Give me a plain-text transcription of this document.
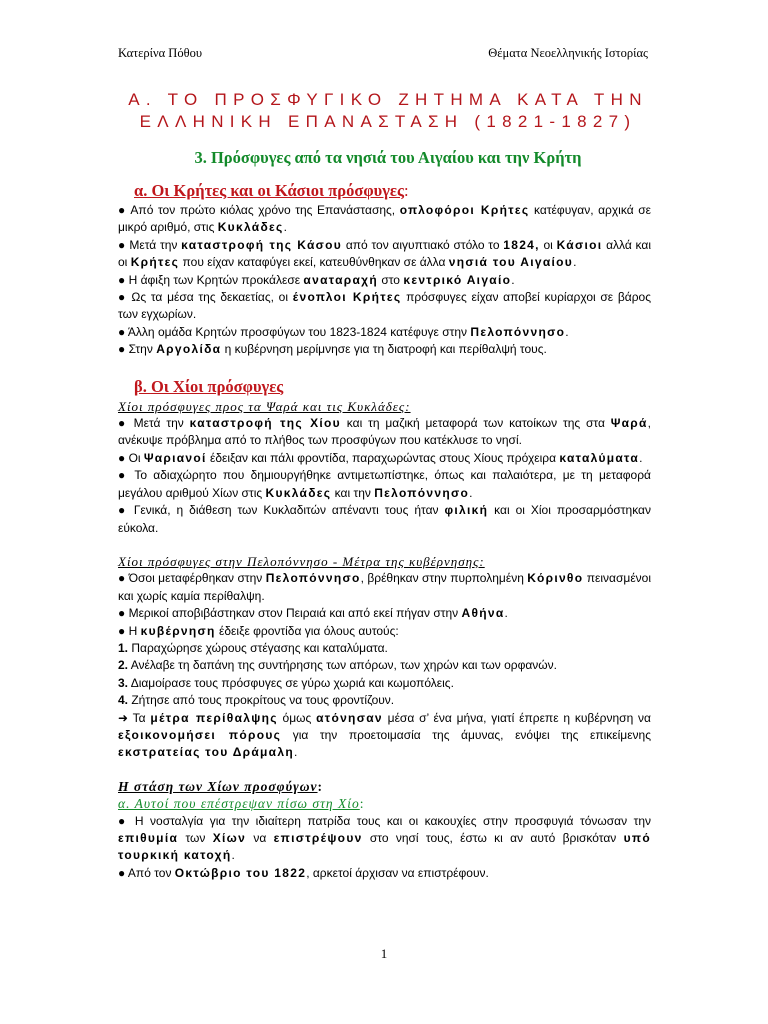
Κατερίνα Πόθου	Θέματα Νεοελληνικής Ιστορίας
Α. ΤΟ ΠΡΟΣΦΥΓΙΚΟ ΖΗΤΗΜΑ ΚΑΤΑ ΤΗΝ
ΕΛΛΗΝΙΚΗ ΕΠΑΝΑΣΤΑΣΗ (1821-1827)
3. Πρόσφυγες από τα νησιά του Αιγαίου και την Κρήτη
α. Οι Κρήτες και οι Κάσιοι πρόσφυγες:

● Από τον πρώτο κιόλας χρόνο της Επανάστασης, οπλοφόροι Κρήτες κατέφυγαν, αρχικά σε μικρό αριθμό, στις Κυκλάδες.

● Μετά την καταστροφή της Κάσου από τον αιγυπτιακό στόλο το 1824, οι Κάσιοι αλλά και οι Κρήτες που είχαν καταφύγει εκεί, κατευθύνθηκαν σε άλλα νησιά του Αιγαίου.

● Η άφιξη των Κρητών προκάλεσε αναταραχή στο κεντρικό Αιγαίο.

● Ως τα μέσα της δεκαετίας, οι ένοπλοι Κρήτες πρόσφυγες είχαν αποβεί κυρίαρχοι σε βάρος των εγχωρίων.

● Άλλη ομάδα Κρητών προσφύγων του 1823-1824 κατέφυγε στην Πελοπόννησο.

● Στην Αργολίδα η κυβέρνηση μερίμνησε για τη διατροφή και περίθαλψή τους.

β. Οι Χίοι πρόσφυγες

Χίοι πρόσφυγες προς τα Ψαρά και τις Κυκλάδες:

● Μετά την καταστροφή της Χίου και τη μαζική μεταφορά των κατοίκων της στα Ψαρά, ανέκυψε πρόβλημα από το πλήθος των προσφύγων που κατέκλυσε το νησί.

● Οι Ψαριανοί έδειξαν και πάλι φροντίδα, παραχωρώντας στους Χίους πρόχειρα καταλύματα.

● Το αδιαχώρητο που δημιουργήθηκε αντιμετωπίστηκε, όπως και παλαιότερα, με τη μεταφορά μεγάλου αριθμού Χίων στις Κυκλάδες και την Πελοπόννησο.

● Γενικά, η διάθεση των Κυκλαδιτών απέναντι τους ήταν φιλική και οι Χίοι προσαρμόστηκαν εύκολα.

Χίοι πρόσφυγες στην Πελοπόννησο - Μέτρα της κυβέρνησης:

● Όσοι μεταφέρθηκαν στην Πελοπόννησο, βρέθηκαν στην πυρπολημένη Κόρινθο πεινασμένοι και χωρίς καμία περίθαλψη.

● Μερικοί αποβιβάστηκαν στον Πειραιά και από εκεί πήγαν στην Αθήνα.

● Η κυβέρνηση έδειξε φροντίδα για όλους αυτούς:

1. Παραχώρησε χώρους στέγασης και καταλύματα.

2. Ανέλαβε τη δαπάνη της συντήρησης των απόρων, των χηρών και των ορφανών.

3. Διαμοίρασε τους πρόσφυγες σε γύρω χωριά και κωμοπόλεις.

4. Ζήτησε από τους προκρίτους να τους φροντίζουν.

➜ Τα μέτρα περίθαλψης όμως ατόνησαν μέσα σ’ ένα μήνα, γιατί έπρεπε η κυβέρνηση να εξοικονομήσει πόρους για την προετοιμασία της άμυνας, ενόψει της επικείμενης εκστρατείας του Δράμαλη.

Η στάση των Χίων προσφύγων:

α. Αυτοί που επέστρεψαν πίσω στη Χίο:

● Η νοσταλγία για την ιδιαίτερη πατρίδα τους και οι κακουχίες στην προσφυγιά τόνωσαν την επιθυμία των Χίων να επιστρέψουν στο νησί τους, έστω κι αν αυτό βρισκόταν υπό τουρκική κατοχή.

● Από τον Οκτώβριο του 1822, αρκετοί άρχισαν να επιστρέφουν.

1
